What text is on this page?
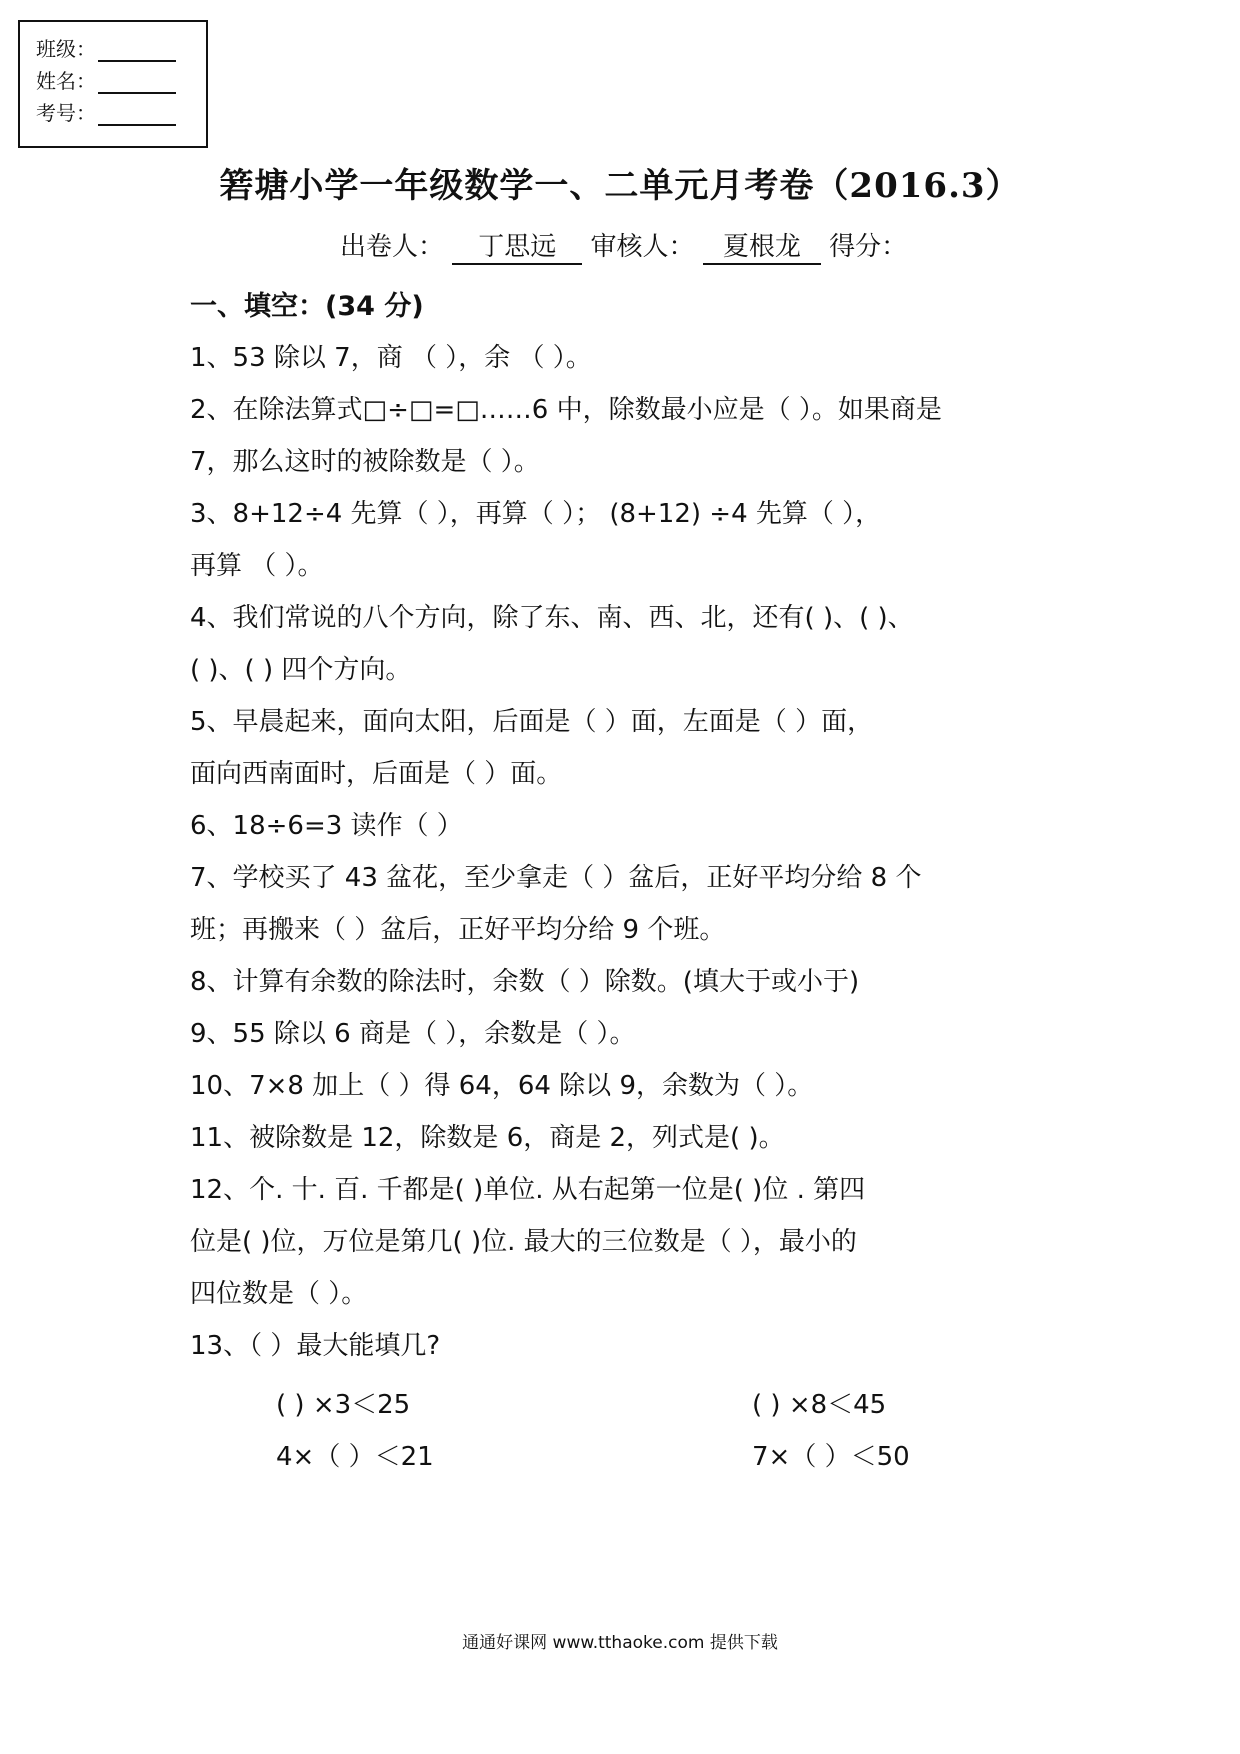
班级：
姓名：
考号：
箬塘小学一年级数学一、二单元月考卷（2016.3）
出卷人： 丁思远 审核人： 夏根龙 得分：
一、填空：(34 分)
1、53 除以 7，商 （ ），余 （ ）。
2、在除法算式□÷□=□……6 中，除数最小应是（ ）。如果商是
7，那么这时的被除数是（ ）。
3、8+12÷4 先算（ ），再算（ ）； (8+12) ÷4 先算（ ），
再算 （ ）。
4、我们常说的八个方向，除了东、南、西、北，还有( )、( )、
( )、( ) 四个方向。
5、早晨起来，面向太阳，后面是（ ）面，左面是（ ）面，
面向西南面时，后面是（ ）面。
6、18÷6=3 读作（ ）
7、学校买了 43 盆花，至少拿走（ ）盆后，正好平均分给 8 个
班；再搬来（ ）盆后，正好平均分给 9 个班。
8、计算有余数的除法时，余数（ ）除数。(填大于或小于)
9、55 除以 6 商是（ ），余数是（ ）。
10、7×8 加上（ ）得 64，64 除以 9，余数为（ ）。
11、被除数是 12，除数是 6，商是 2，列式是( )。
12、个. 十. 百. 千都是( )单位. 从右起第一位是( )位 . 第四
位是( )位，万位是第几( )位. 最大的三位数是（ ），最小的
四位数是（ ）。
13、（ ）最大能填几?
( ) ×3＜25	( ) ×8＜45
4×（ ）＜21	7×（ ）＜50
通通好课网 www.tthaoke.com 提供下载
